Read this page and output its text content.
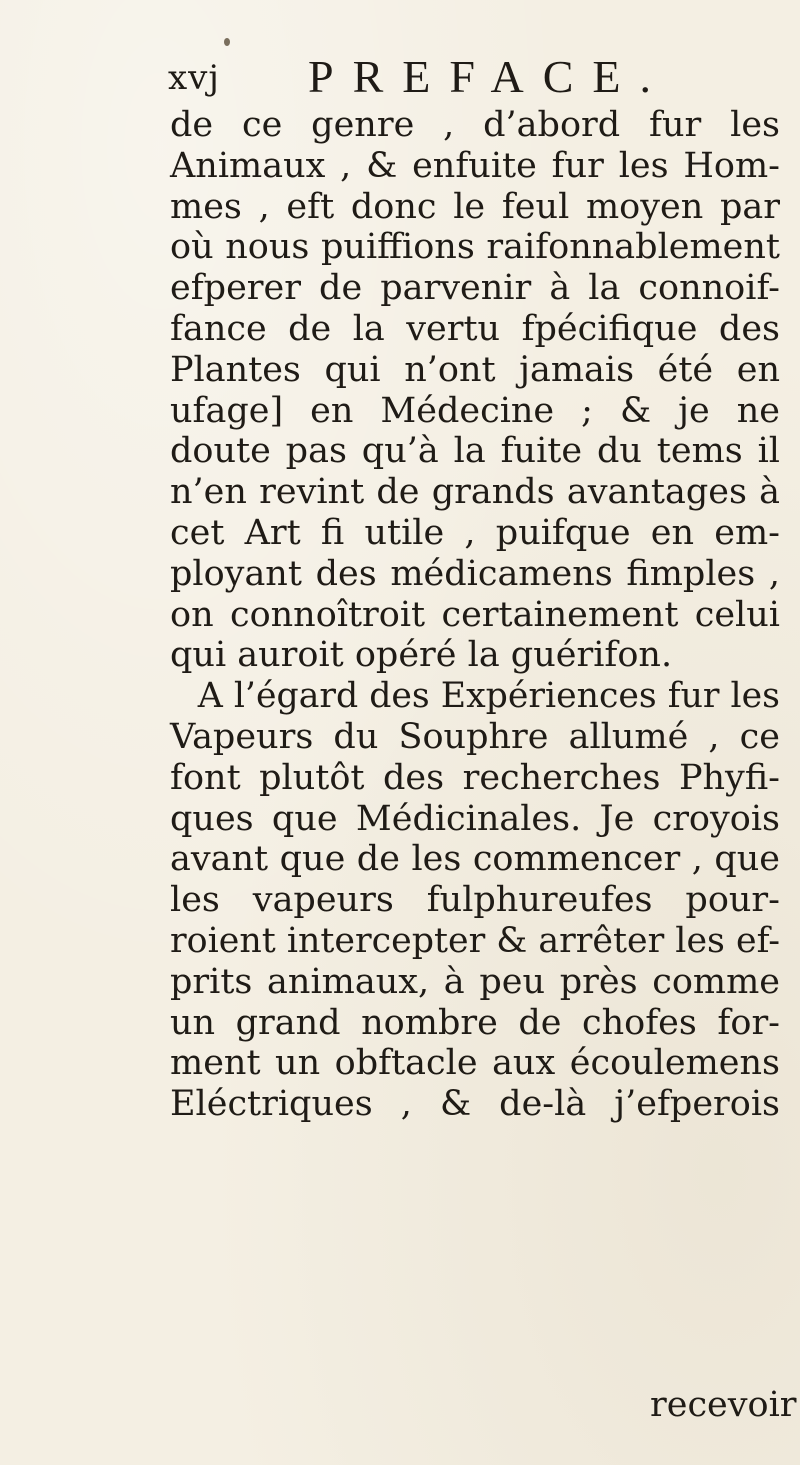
xvj PREFACE.
de ce genre , d’abord fur les
Animaux , & enfuite fur les Hom-
mes , eft donc le feul moyen par
où nous puiffions raifonnablement
efperer de parvenir à la connoif-
fance de la vertu fpécifique des
Plantes qui n’ont jamais été en
ufage] en Médecine ; & je ne
doute pas qu’à la fuite du tems il
n’en revint de grands avantages à
cet Art fi utile , puifque en em-
ployant des médicamens fimples ,
on connoîtroit certainement celui
qui auroit opéré la guérifon.
A l’égard des Expériences fur les
Vapeurs du Souphre allumé , ce
font plutôt des recherches Phyfi-
ques que Médicinales. Je croyois
avant que de les commencer , que
les vapeurs fulphureufes pour-
roient intercepter & arrêter les ef-
prits animaux, à peu près comme
un grand nombre de chofes for-
ment un obftacle aux écoulemens
Eléctriques , & de-là j’efperois
recevoir
